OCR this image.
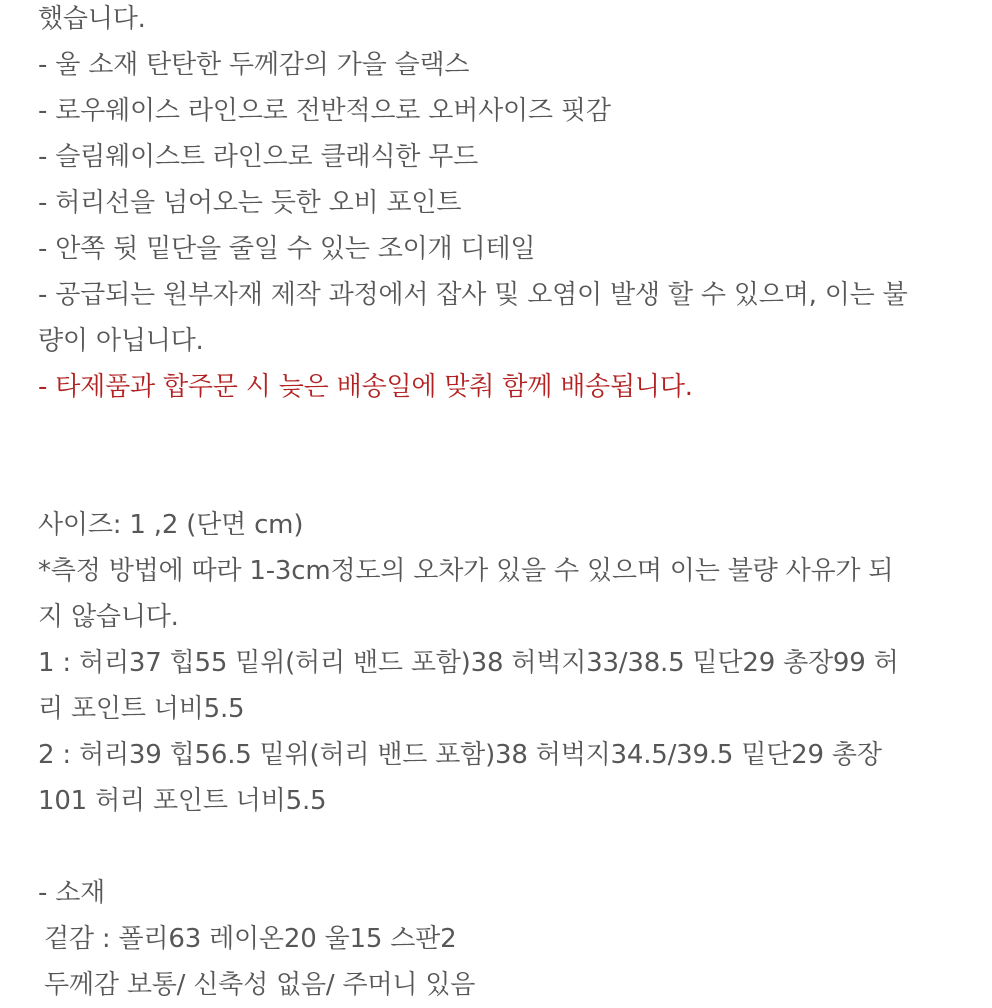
했습니다.
- 울 소재 탄탄한 두께감의 가을 슬랙스
- 로우웨이스 라인으로 전반적으로 오버사이즈 핏감
- 슬림웨이스트 라인으로 클래식한 무드
- 허리선을 넘어오는 듯한 오비 포인트
- 안쪽 뒷 밑단을 줄일 수 있는 조이개 디테일
- 공급되는 원부자재 제작 과정에서 잡사 및 오염이 발생 할 수 있으며, 이는 불
량이 아닙니다.
- 타제품과 합주문 시 늦은 배송일에 맞춰 함께 배송됩니다.
사이즈: 1 ,2 (단면 cm)
*측정 방법에 따라 1-3cm정도의 오차가 있을 수 있으며 이는 불량 사유가 되
지 않습니다.
1 : 허리37 힙55 밑위(허리 밴드 포함)38 허벅지33/38.5 밑단29 총장99 허
리 포인트 너비5.5
2 : 허리39 힙56.5 밑위(허리 밴드 포함)38 허벅지34.5/39.5 밑단29 총장
101 허리 포인트 너비5.5
- 소재
겉감 : 폴리63 레이온20 울15 스판2
두께감 보통/ 신축성 없음/ 주머니 있음
